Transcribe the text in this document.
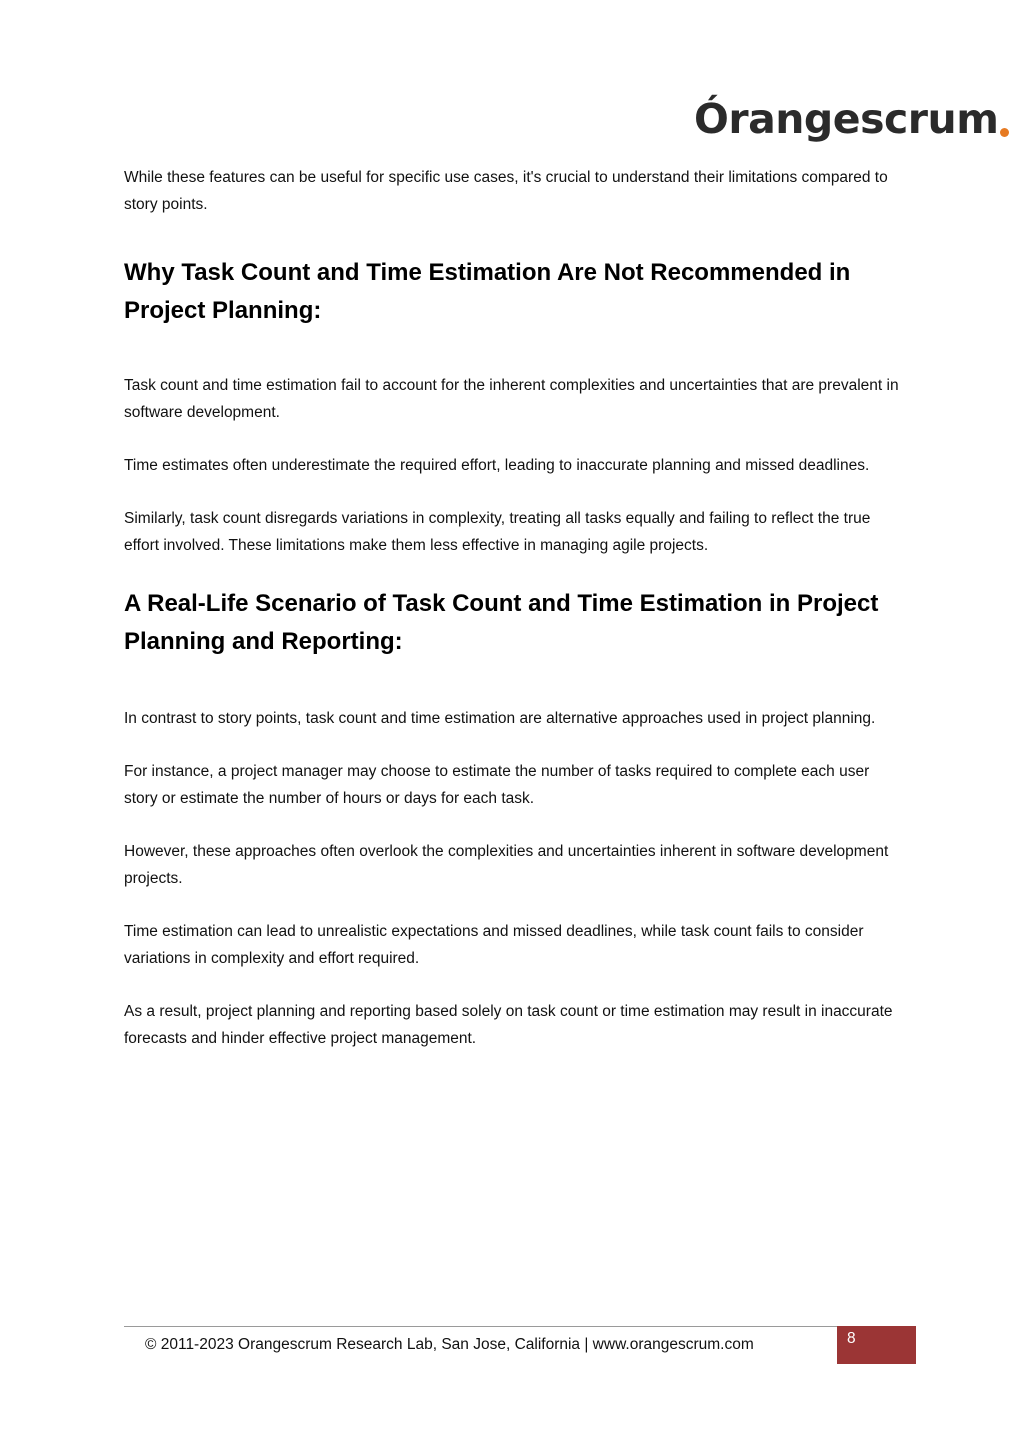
Órangescrum

While these features can be useful for specific use cases, it's crucial to understand their limitations compared to story points.

Why Task Count and Time Estimation Are Not Recommended in Project Planning:

Task count and time estimation fail to account for the inherent complexities and uncertainties that are prevalent in software development.

Time estimates often underestimate the required effort, leading to inaccurate planning and missed deadlines.

Similarly, task count disregards variations in complexity, treating all tasks equally and failing to reflect the true effort involved. These limitations make them less effective in managing agile projects.

A Real-Life Scenario of Task Count and Time Estimation in Project Planning and Reporting:

In contrast to story points, task count and time estimation are alternative approaches used in project planning.

For instance, a project manager may choose to estimate the number of tasks required to complete each user story or estimate the number of hours or days for each task.

However, these approaches often overlook the complexities and uncertainties inherent in software development projects.

Time estimation can lead to unrealistic expectations and missed deadlines, while task count fails to consider variations in complexity and effort required.

As a result, project planning and reporting based solely on task count or time estimation may result in inaccurate forecasts and hinder effective project management.

© 2011-2023 Orangescrum Research Lab, San Jose, California | www.orangescrum.com	8
